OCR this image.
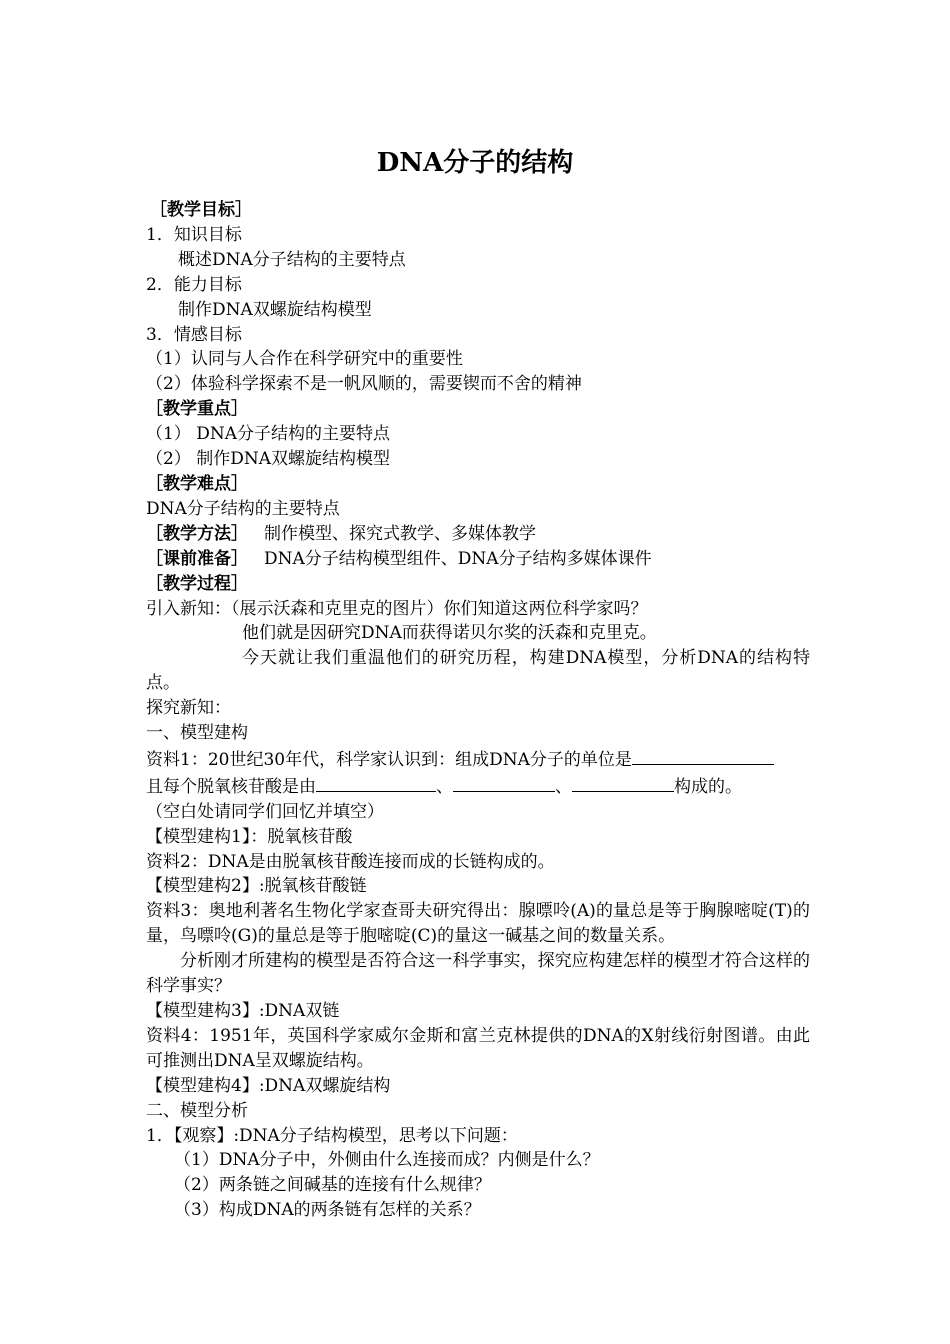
DNA分子的结构
［教学目标］
1．知识目标
概述DNA分子结构的主要特点
2．能力目标
制作DNA双螺旋结构模型
3．情感目标
（1）认同与人合作在科学研究中的重要性
（2）体验科学探索不是一帆风顺的，需要锲而不舍的精神
［教学重点］
（1） DNA分子结构的主要特点
（2） 制作DNA双螺旋结构模型
［教学难点］
DNA分子结构的主要特点
［教学方法］ 制作模型、探究式教学、多媒体教学
［课前准备］ DNA分子结构模型组件、DNA分子结构多媒体课件
［教学过程］
引入新知：（展示沃森和克里克的图片）你们知道这两位科学家吗？
他们就是因研究DNA而获得诺贝尔奖的沃森和克里克。
今天就让我们重温他们的研究历程，构建DNA模型，分析DNA的结构特点。
探究新知：
一、模型建构
资料1：20世纪30年代，科学家认识到：组成DNA分子的单位是
且每个脱氧核苷酸是由	、	、	构成的。
（空白处请同学们回忆并填空）
【模型建构1】：脱氧核苷酸
资料2：DNA是由脱氧核苷酸连接而成的长链构成的。
【模型建构2】:脱氧核苷酸链
资料3：奥地利著名生物化学家查哥夫研究得出：腺嘌呤(A)的量总是等于胸腺嘧啶(T)的量，鸟嘌呤(G)的量总是等于胞嘧啶(C)的量这一碱基之间的数量关系。
分析刚才所建构的模型是否符合这一科学事实，探究应构建怎样的模型才符合这样的科学事实？
【模型建构3】:DNA双链
资料4：1951年，英国科学家威尔金斯和富兰克林提供的DNA的X射线衍射图谱。由此可推测出DNA呈双螺旋结构。
【模型建构4】:DNA双螺旋结构
二、模型分析
1．【观察】:DNA分子结构模型，思考以下问题：
（1）DNA分子中，外侧由什么连接而成？内侧是什么？
（2）两条链之间碱基的连接有什么规律？
（3）构成DNA的两条链有怎样的关系？
